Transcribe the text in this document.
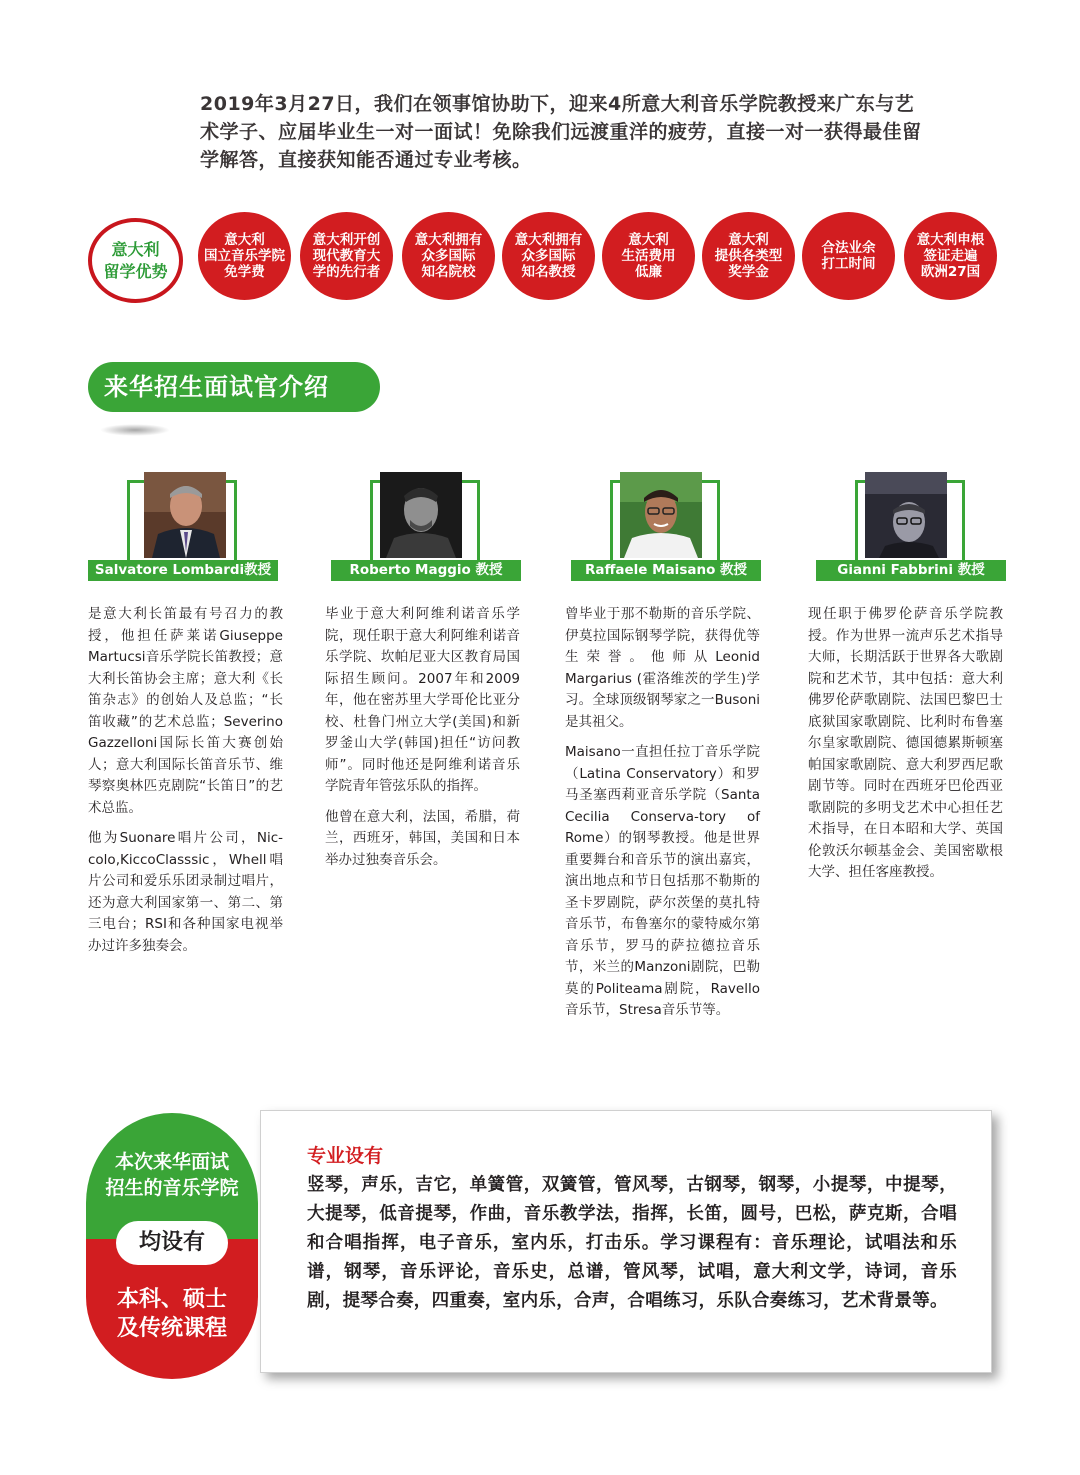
2019年3月27日，我们在领事馆协助下，迎来4所意大利音乐学院教授来广东与艺术学子、应届毕业生一对一面试！免除我们远渡重洋的疲劳，直接一对一获得最佳留学解答，直接获知能否通过专业考核。
意大利
留学优势
意大利
国立音乐学院
免学费
意大利开创
现代教育大
学的先行者
意大利拥有
众多国际
知名院校
意大利拥有
众多国际
知名教授
意大利
生活费用
低廉
意大利
提供各类型
奖学金
合法业余
打工时间
意大利申根
签证走遍
欧洲27国
来华招生面试官介绍
Salvatore Lombardi教授	Roberto Maggio 教授	Raffaele Maisano 教授	Gianni Fabbrini 教授

是意大利长笛最有号召力的教授，他担任萨莱诺Giuseppe Martucsi音乐学院长笛教授；意大利长笛协会主席；意大利《长笛杂志》的创始人及总监；“长笛收藏”的艺术总监；Severino Gazzelloni国际长笛大赛创始人；意大利国际长笛音乐节、维琴察奥林匹克剧院“长笛日”的艺术总监。

他为Suonare唱片公司，Nic-colo,KiccoClasssic，Whell唱片公司和爱乐乐团录制过唱片，还为意大利国家第一、第二、第三电台；RSI和各种国家电视举办过许多独奏会。

毕业于意大利阿维利诺音乐学院，现任职于意大利阿维利诺音乐学院、坎帕尼亚大区教育局国际招生顾问。2007年和2009年，他在密苏里大学哥伦比亚分校、杜鲁门州立大学(美国)和新罗釜山大学(韩国)担任“访问教师”。同时他还是阿维利诺音乐学院青年管弦乐队的指挥。

他曾在意大利，法国，希腊，荷兰，西班牙，韩国，美国和日本举办过独奏音乐会。

曾毕业于那不勒斯的音乐学院、伊莫拉国际钢琴学院，获得优等生荣誉。他师从Leonid Margarius (霍洛维茨的学生)学习。全球顶级钢琴家之一Busoni是其祖父。

Maisano一直担任拉丁音乐学院（Latina Conservatory）和罗马圣塞西莉亚音乐学院（Santa Cecilia Conserva-tory of Rome）的钢琴教授。他是世界重要舞台和音乐节的演出嘉宾，演出地点和节日包括那不勒斯的圣卡罗剧院，萨尔茨堡的莫扎特音乐节，布鲁塞尔的蒙特威尔第音乐节，罗马的萨拉德拉音乐节，米兰的Manzoni剧院，巴勒莫的Politeama剧院，Ravello音乐节，Stresa音乐节等。

现任职于佛罗伦萨音乐学院教授。作为世界一流声乐艺术指导大师，长期活跃于世界各大歌剧院和艺术节，其中包括：意大利佛罗伦萨歌剧院、法国巴黎巴士底狱国家歌剧院、比利时布鲁塞尔皇家歌剧院、德国德累斯顿塞帕国家歌剧院、意大利罗西尼歌剧节等。同时在西班牙巴伦西亚歌剧院的多明戈艺术中心担任艺术指导，在日本昭和大学、英国伦敦沃尔顿基金会、美国密歇根大学、担任客座教授。

专业设有
竖琴，声乐，吉它，单簧管，双簧管，管风琴，古钢琴，钢琴，小提琴，中提琴，大提琴，低音提琴，作曲，音乐教学法，指挥，长笛，圆号，巴松，萨克斯，合唱和合唱指挥，电子音乐，室内乐，打击乐。学习课程有：音乐理论，试唱法和乐谱，钢琴，音乐评论，音乐史，总谱，管风琴，试唱，意大利文学，诗词，音乐剧，提琴合奏，四重奏，室内乐，合声，合唱练习，乐队合奏练习，艺术背景等。
本次来华面试
招生的音乐学院
均设有
本科、硕士
及传统课程
